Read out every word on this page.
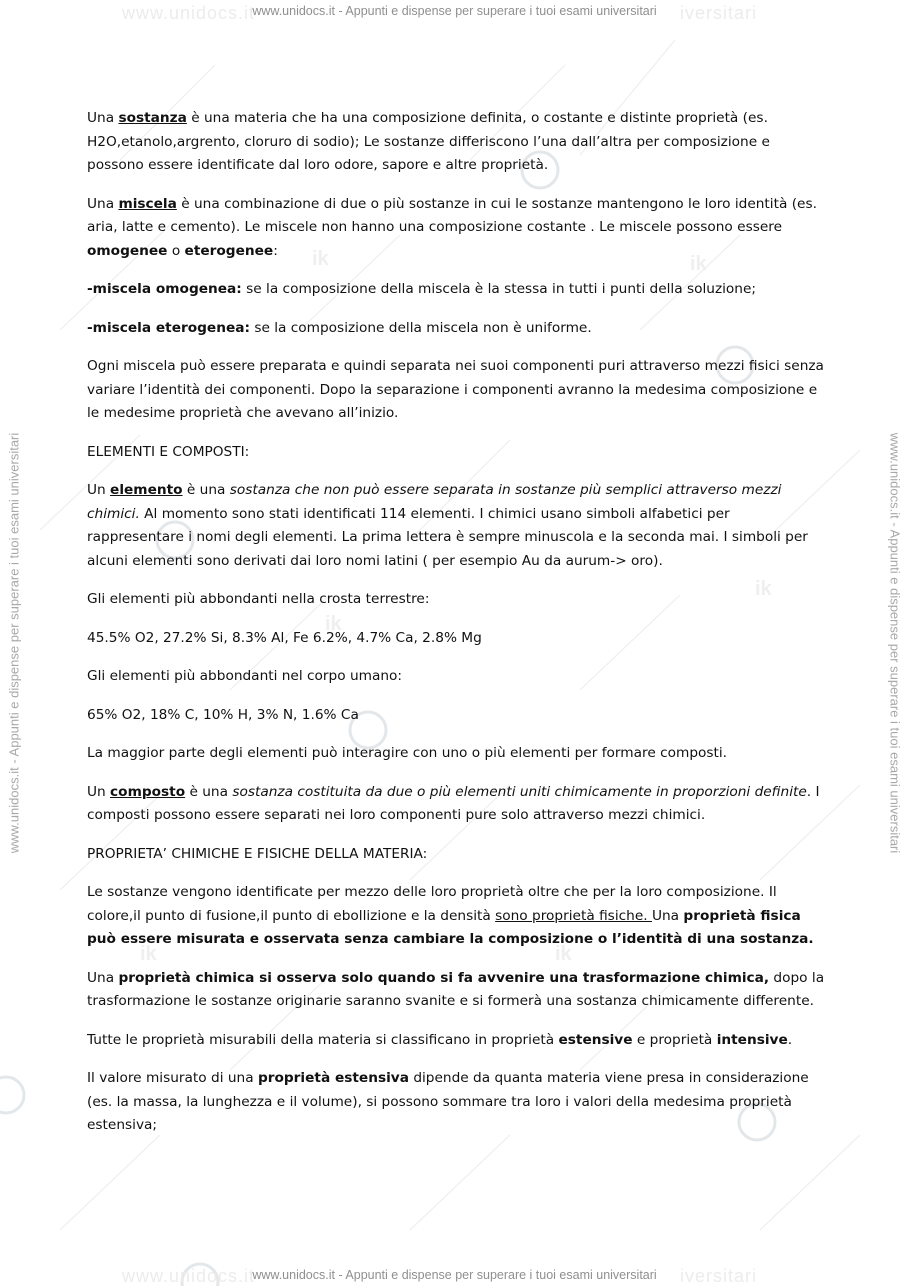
ik	ik
ik
ik
ik	ik
www.unidocs.it	iversitari
www.unidocs.it	iversitari
www.unidocs.it - Appunti e dispense per superare i tuoi esami universitari
www.unidocs.it - Appunti e dispense per superare i tuoi esami universitari
www.unidocs.it - Appunti e dispense per superare i tuoi esami universitari	www.unidocs.it - Appunti e dispense per superare i tuoi esami universitari

Una sostanza è una materia che ha una composizione definita, o costante e distinte proprietà (es. H2O,etanolo,argrento, cloruro di sodio); Le sostanze differiscono l’una dall’altra per composizione e possono essere identificate dal loro odore, sapore e altre proprietà.

Una miscela è una combinazione di due o più sostanze in cui le sostanze mantengono le loro identità (es. aria, latte e cemento). Le miscele non hanno una composizione costante . Le miscele possono essere omogenee o eterogenee:

-miscela omogenea: se la composizione della miscela è la stessa in tutti i punti della soluzione;

-miscela eterogenea: se la composizione della miscela non è uniforme.

Ogni miscela può essere preparata e quindi separata nei suoi componenti puri attraverso mezzi fisici senza variare l’identità dei componenti. Dopo la separazione i componenti avranno la medesima composizione e le medesime proprietà che avevano all’inizio.

ELEMENTI E COMPOSTI:

Un elemento è una sostanza che non può essere separata in sostanze più semplici attraverso mezzi chimici. Al momento sono stati identificati 114 elementi. I chimici usano simboli alfabetici per rappresentare i nomi degli elementi. La prima lettera è sempre minuscola e la seconda mai. I simboli per alcuni elementi sono derivati dai loro nomi latini ( per esempio Au da aurum-> oro).

Gli elementi più abbondanti nella crosta terrestre:

45.5% O2, 27.2% Si, 8.3% Al, Fe 6.2%, 4.7% Ca, 2.8% Mg

Gli elementi più abbondanti nel corpo umano:

65% O2, 18% C, 10% H, 3% N, 1.6% Ca

La maggior parte degli elementi può interagire con uno o più elementi per formare composti.

Un composto è una sostanza costituita da due o più elementi uniti chimicamente in proporzioni definite. I composti possono essere separati nei loro componenti pure solo attraverso mezzi chimici.

PROPRIETA’ CHIMICHE E FISICHE DELLA MATERIA:

Le sostanze vengono identificate per mezzo delle loro proprietà oltre che per la loro composizione. Il colore,il punto di fusione,il punto di ebollizione e la densità sono proprietà fisiche. Una proprietà fisica può essere misurata e osservata senza cambiare la composizione o l’identità di una sostanza.

Una proprietà chimica si osserva solo quando si fa avvenire una trasformazione chimica, dopo la trasformazione le sostanze originarie saranno svanite e si formerà una sostanza chimicamente differente.

Tutte le proprietà misurabili della materia si classificano in proprietà estensive e proprietà intensive.

Il valore misurato di una proprietà estensiva dipende da quanta materia viene presa in considerazione (es. la massa, la lunghezza e il volume), si possono sommare tra loro i valori della medesima proprietà estensiva;
